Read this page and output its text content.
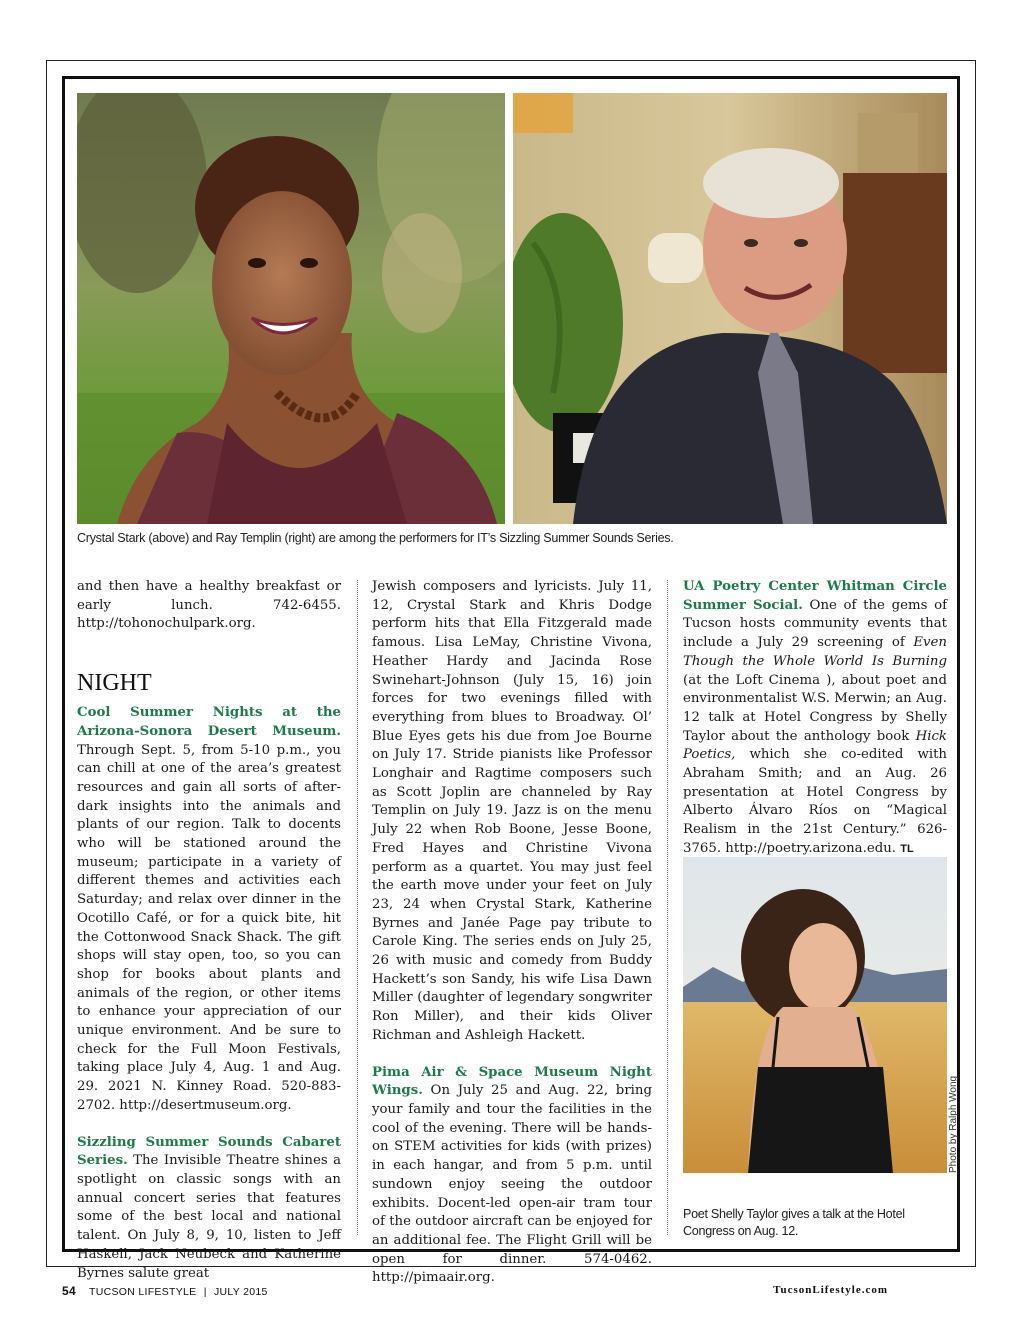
Crystal Stark (above) and Ray Templin (right) are among the performers for IT’s Sizzling Summer Sounds Series.

and then have a healthy breakfast or early lunch. 742-6455. http://tohonochulpark.org.

NIGHT

Cool Summer Nights at the Arizona-Sonora Desert Museum. Through Sept. 5, from 5-10 p.m., you can chill at one of the area’s greatest resources and gain all sorts of after-dark insights into the animals and plants of our region. Talk to docents who will be stationed around the museum; participate in a variety of different themes and activities each Saturday; and relax over dinner in the Ocotillo Café, or for a quick bite, hit the Cottonwood Snack Shack. The gift shops will stay open, too, so you can shop for books about plants and animals of the region, or other items to enhance your appreciation of our unique environment. And be sure to check for the Full Moon Festivals, taking place July 4, Aug. 1 and Aug. 29. 2021 N. Kinney Road. 520-883-2702. http://desertmuseum.org.

Sizzling Summer Sounds Cabaret Series. The Invisible Theatre shines a spotlight on classic songs with an annual concert series that features some of the best local and national talent. On July 8, 9, 10, listen to Jeff Haskell, Jack Neubeck and Katherine Byrnes salute great

Jewish composers and lyricists. July 11, 12, Crystal Stark and Khris Dodge perform hits that Ella Fitzgerald made famous. Lisa LeMay, Christine Vivona, Heather Hardy and Jacinda Rose Swinehart-Johnson (July 15, 16) join forces for two evenings filled with everything from blues to Broadway. Ol’ Blue Eyes gets his due from Joe Bourne on July 17. Stride pianists like Professor Longhair and Ragtime composers such as Scott Joplin are channeled by Ray Templin on July 19. Jazz is on the menu July 22 when Rob Boone, Jesse Boone, Fred Hayes and Christine Vivona perform as a quartet. You may just feel the earth move under your feet on July 23, 24 when Crystal Stark, Katherine Byrnes and Janée Page pay tribute to Carole King. The series ends on July 25, 26 with music and comedy from Buddy Hackett’s son Sandy, his wife Lisa Dawn Miller (daughter of legendary songwriter Ron Miller), and their kids Oliver Richman and Ashleigh Hackett.

Pima Air & Space Museum Night Wings. On July 25 and Aug. 22, bring your family and tour the facilities in the cool of the evening. There will be hands-on STEM activities for kids (with prizes) in each hangar, and from 5 p.m. until sundown enjoy seeing the outdoor exhibits. Docent-led open-air tram tour of the outdoor aircraft can be enjoyed for an additional fee. The Flight Grill will be open for dinner. 574-0462. http://pimaair.org.

UA Poetry Center Whitman Circle Summer Social. One of the gems of Tucson hosts community events that include a July 29 screening of Even Though the Whole World Is Burning (at the Loft Cinema ), about poet and environmentalist W.S. Merwin; an Aug. 12 talk at Hotel Congress by Shelly Taylor about the anthology book Hick Poetics, which she co-edited with Abraham Smith; and an Aug. 26 presentation at Hotel Congress by Alberto Álvaro Ríos on “Magical Realism in the 21st Century.” 626-3765. http://poetry.arizona.edu. TL

Photo by Ralph Wong
Poet Shelly Taylor gives a talk at the Hotel Congress on Aug. 12.
54 TUCSON LIFESTYLE | JULY 2015	TucsonLifestyle.com
